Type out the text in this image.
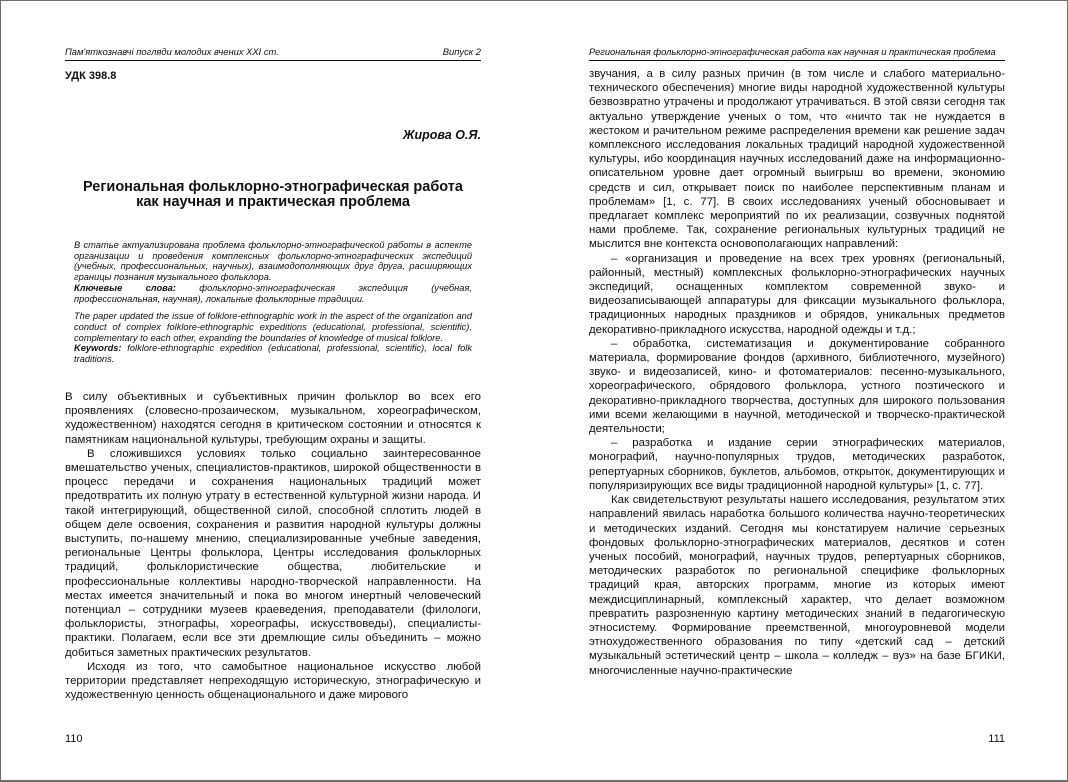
Пам'яткознавчі погляди молодих вчених XXI ст.	Випуск 2
УДК 398.8
Жирова О.Я.
Региональная фольклорно-этнографическая работа
как научная и практическая проблема

В статье актуализирована проблема фольклорно-этнографической работы в аспекте организации и проведения комплексных фольклорно-этнографических экспедиций (учебных, профессиональных, научных), взаимодополняющих друг друга, расширяющих границы познания музыкального фольклора.

Ключевые слова: фольклорно-этнографическая экспедиция (учебная, профессиональная, научная), локальные фольклорные традиции.

The paper updated the issue of folklore-ethnographic work in the aspect of the organization and conduct of complex folklore-ethnographic expeditions (educational, professional, scientific), complementary to each other, expanding the boundaries of knowledge of musical folklore.

Keywords: folklore-ethnographic expedition (educational, professional, scientific), local folk traditions.

В силу объективных и субъективных причин фольклор во всех его проявлениях (словесно-прозаическом, музыкальном, хореографическом, художественном) находятся сегодня в критическом состоянии и относятся к памятникам национальной культуры, требующим охраны и защиты.

В сложившихся условиях только социально заинтересованное вмешательство ученых, специалистов-практиков, широкой общественности в процесс передачи и сохранения национальных традиций может предотвратить их полную утрату в естественной культурной жизни народа. И такой интегрирующий, общественной силой, способной сплотить людей в общем деле освоения, сохранения и развития народной культуры должны выступить, по-нашему мнению, специализированные учебные заведения, региональные Центры фольклора, Центры исследования фольклорных традиций, фольклористические общества, любительские и профессиональные коллективы народно-творческой направленности. На местах имеется значительный и пока во многом инертный человеческий потенциал – сотрудники музеев краеведения, преподаватели (филологи, фольклористы, этнографы, хореографы, искусствоведы), специалисты-практики. Полагаем, если все эти дремлющие силы объединить – можно добиться заметных практических результатов.

Исходя из того, что самобытное национальное искусство любой территории представляет непреходящую историческую, этнографическую и художественную ценность общенационального и даже мирового

110
Региональная фольклорно-этнографическая работа как научная и практическая проблема

звучания, а в силу разных причин (в том числе и слабого материально-технического обеспечения) многие виды народной художественной культуры безвозвратно утрачены и продолжают утрачиваться. В этой связи сегодня так актуально утверждение ученых о том, что «ничто так не нуждается в жестоком и рачительном режиме распределения времени как решение задач комплексного исследования локальных традиций народной художественной культуры, ибо координация научных исследований даже на информационно-описательном уровне дает огромный выигрыш во времени, экономию средств и сил, открывает поиск по наиболее перспективным планам и проблемам» [1, с. 77]. В своих исследованиях ученый обосновывает и предлагает комплекс мероприятий по их реализации, созвучных поднятой нами проблеме. Так, сохранение региональных культурных традиций не мыслится вне контекста основополагающих направлений:

– «организация и проведение на всех трех уровнях (региональный, районный, местный) комплексных фольклорно-этнографических научных экспедиций, оснащенных комплектом современной звуко- и видеозаписывающей аппаратуры для фиксации музыкального фольклора, традиционных народных праздников и обрядов, уникальных предметов декоративно-прикладного искусства, народной одежды и т.д.;

– обработка, систематизация и документирование собранного материала, формирование фондов (архивного, библиотечного, музейного) звуко- и видеозаписей, кино- и фотоматериалов: песенно-музыкального, хореографического, обрядового фольклора, устного поэтического и декоративно-прикладного творчества, доступных для широкого пользования ими всеми желающими в научной, методической и творческо-практической деятельности;

– разработка и издание серии этнографических материалов, монографий, научно-популярных трудов, методических разработок, репертуарных сборников, буклетов, альбомов, открыток, документирующих и популяризирующих все виды традиционной народной культуры» [1, с. 77].

Как свидетельствуют результаты нашего исследования, результатом этих направлений явилась наработка большого количества научно-теоретических и методических изданий. Сегодня мы констатируем наличие серьезных фондовых фольклорно-этнографических материалов, десятков и сотен ученых пособий, монографий, научных трудов, репертуарных сборников, методических разработок по региональной специфике фольклорных традиций края, авторских программ, многие из которых имеют междисциплинарный, комплексный характер, что делает возможном превратить разрозненную картину методических знаний в педагогическую этносистему. Формирование преемственной, многоуровневой модели этнохудожественного образования по типу «детский сад – детский музыкальный эстетический центр – школа – колледж – вуз» на базе БГИКИ, многочисленные научно-практические

111
